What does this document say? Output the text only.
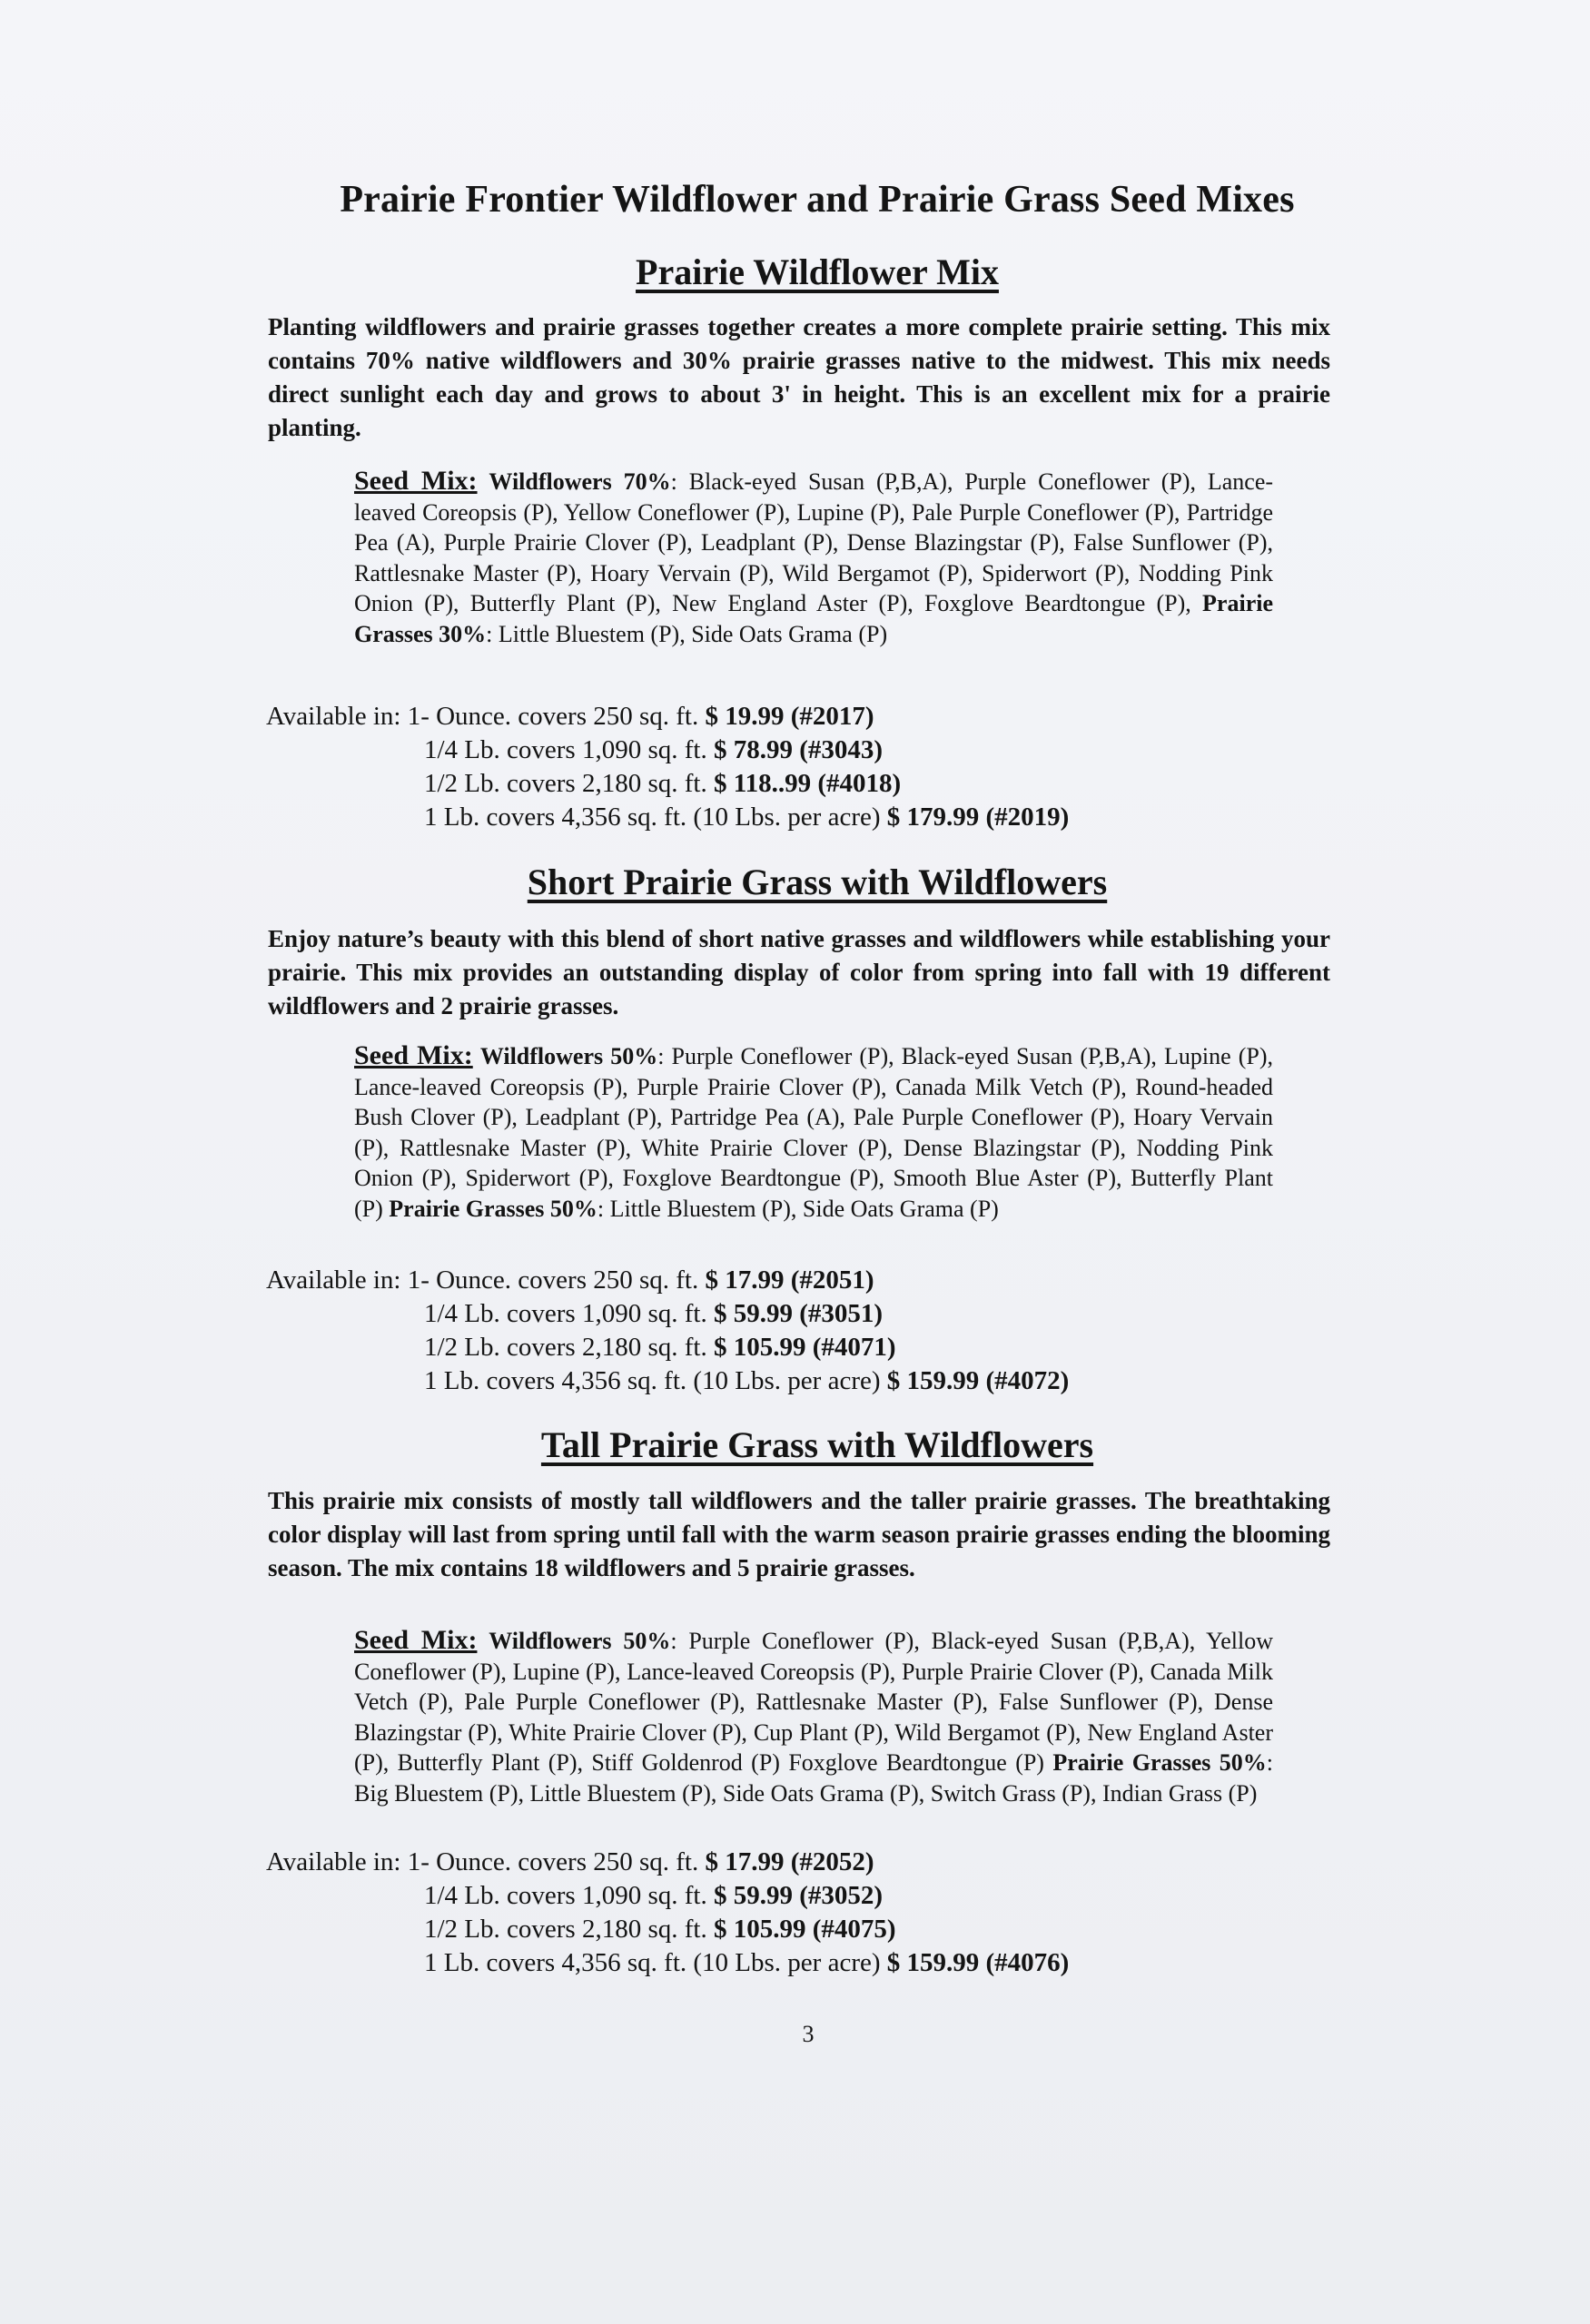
Prairie Frontier Wildflower and Prairie Grass Seed Mixes
Prairie Wildflower Mix
Planting wildflowers and prairie grasses together creates a more complete prairie setting. This mix contains 70% native wildflowers and 30% prairie grasses native to the midwest. This mix needs direct sunlight each day and grows to about 3' in height. This is an excellent mix for a prairie planting.
Seed Mix: Wildflowers 70%: Black-eyed Susan (P,B,A), Purple Coneflower (P), Lance-leaved Coreopsis (P), Yellow Coneflower (P), Lupine (P), Pale Purple Coneflower (P), Partridge Pea (A), Purple Prairie Clover (P), Leadplant (P), Dense Blazingstar (P), False Sunflower (P), Rattlesnake Master (P), Hoary Vervain (P), Wild Bergamot (P), Spiderwort (P), Nodding Pink Onion (P), Butterfly Plant (P), New England Aster (P), Foxglove Beardtongue (P), Prairie Grasses 30%: Little Bluestem (P), Side Oats Grama (P)
Available in: 1- Ounce. covers 250 sq. ft. $ 19.99 (#2017)
1/4 Lb. covers 1,090 sq. ft. $ 78.99 (#3043)
1/2 Lb. covers 2,180 sq. ft. $ 118..99 (#4018)
1 Lb. covers 4,356 sq. ft. (10 Lbs. per acre) $ 179.99 (#2019)
Short Prairie Grass with Wildflowers
Enjoy nature’s beauty with this blend of short native grasses and wildflowers while establishing your prairie. This mix provides an outstanding display of color from spring into fall with 19 different wildflowers and 2 prairie grasses.
Seed Mix: Wildflowers 50%: Purple Coneflower (P), Black-eyed Susan (P,B,A), Lupine (P), Lance-leaved Coreopsis (P), Purple Prairie Clover (P), Canada Milk Vetch (P), Round-headed Bush Clover (P), Leadplant (P), Partridge Pea (A), Pale Purple Coneflower (P), Hoary Vervain (P), Rattlesnake Master (P), White Prairie Clover (P), Dense Blazingstar (P), Nodding Pink Onion (P), Spiderwort (P), Foxglove Beardtongue (P), Smooth Blue Aster (P), Butterfly Plant (P) Prairie Grasses 50%: Little Bluestem (P), Side Oats Grama (P)
Available in: 1- Ounce. covers 250 sq. ft. $ 17.99 (#2051)
1/4 Lb. covers 1,090 sq. ft. $ 59.99 (#3051)
1/2 Lb. covers 2,180 sq. ft. $ 105.99 (#4071)
1 Lb. covers 4,356 sq. ft. (10 Lbs. per acre) $ 159.99 (#4072)
Tall Prairie Grass with Wildflowers
This prairie mix consists of mostly tall wildflowers and the taller prairie grasses. The breathtaking color display will last from spring until fall with the warm season prairie grasses ending the blooming season. The mix contains 18 wildflowers and 5 prairie grasses.
Seed Mix: Wildflowers 50%: Purple Coneflower (P), Black-eyed Susan (P,B,A), Yellow Coneflower (P), Lupine (P), Lance-leaved Coreopsis (P), Purple Prairie Clover (P), Canada Milk Vetch (P), Pale Purple Coneflower (P), Rattlesnake Master (P), False Sunflower (P), Dense Blazingstar (P), White Prairie Clover (P), Cup Plant (P), Wild Bergamot (P), New England Aster (P), Butterfly Plant (P), Stiff Goldenrod (P) Foxglove Beardtongue (P) Prairie Grasses 50%: Big Bluestem (P), Little Bluestem (P), Side Oats Grama (P), Switch Grass (P), Indian Grass (P)
Available in: 1- Ounce. covers 250 sq. ft. $ 17.99 (#2052)
1/4 Lb. covers 1,090 sq. ft. $ 59.99 (#3052)
1/2 Lb. covers 2,180 sq. ft. $ 105.99 (#4075)
1 Lb. covers 4,356 sq. ft. (10 Lbs. per acre) $ 159.99 (#4076)
3
